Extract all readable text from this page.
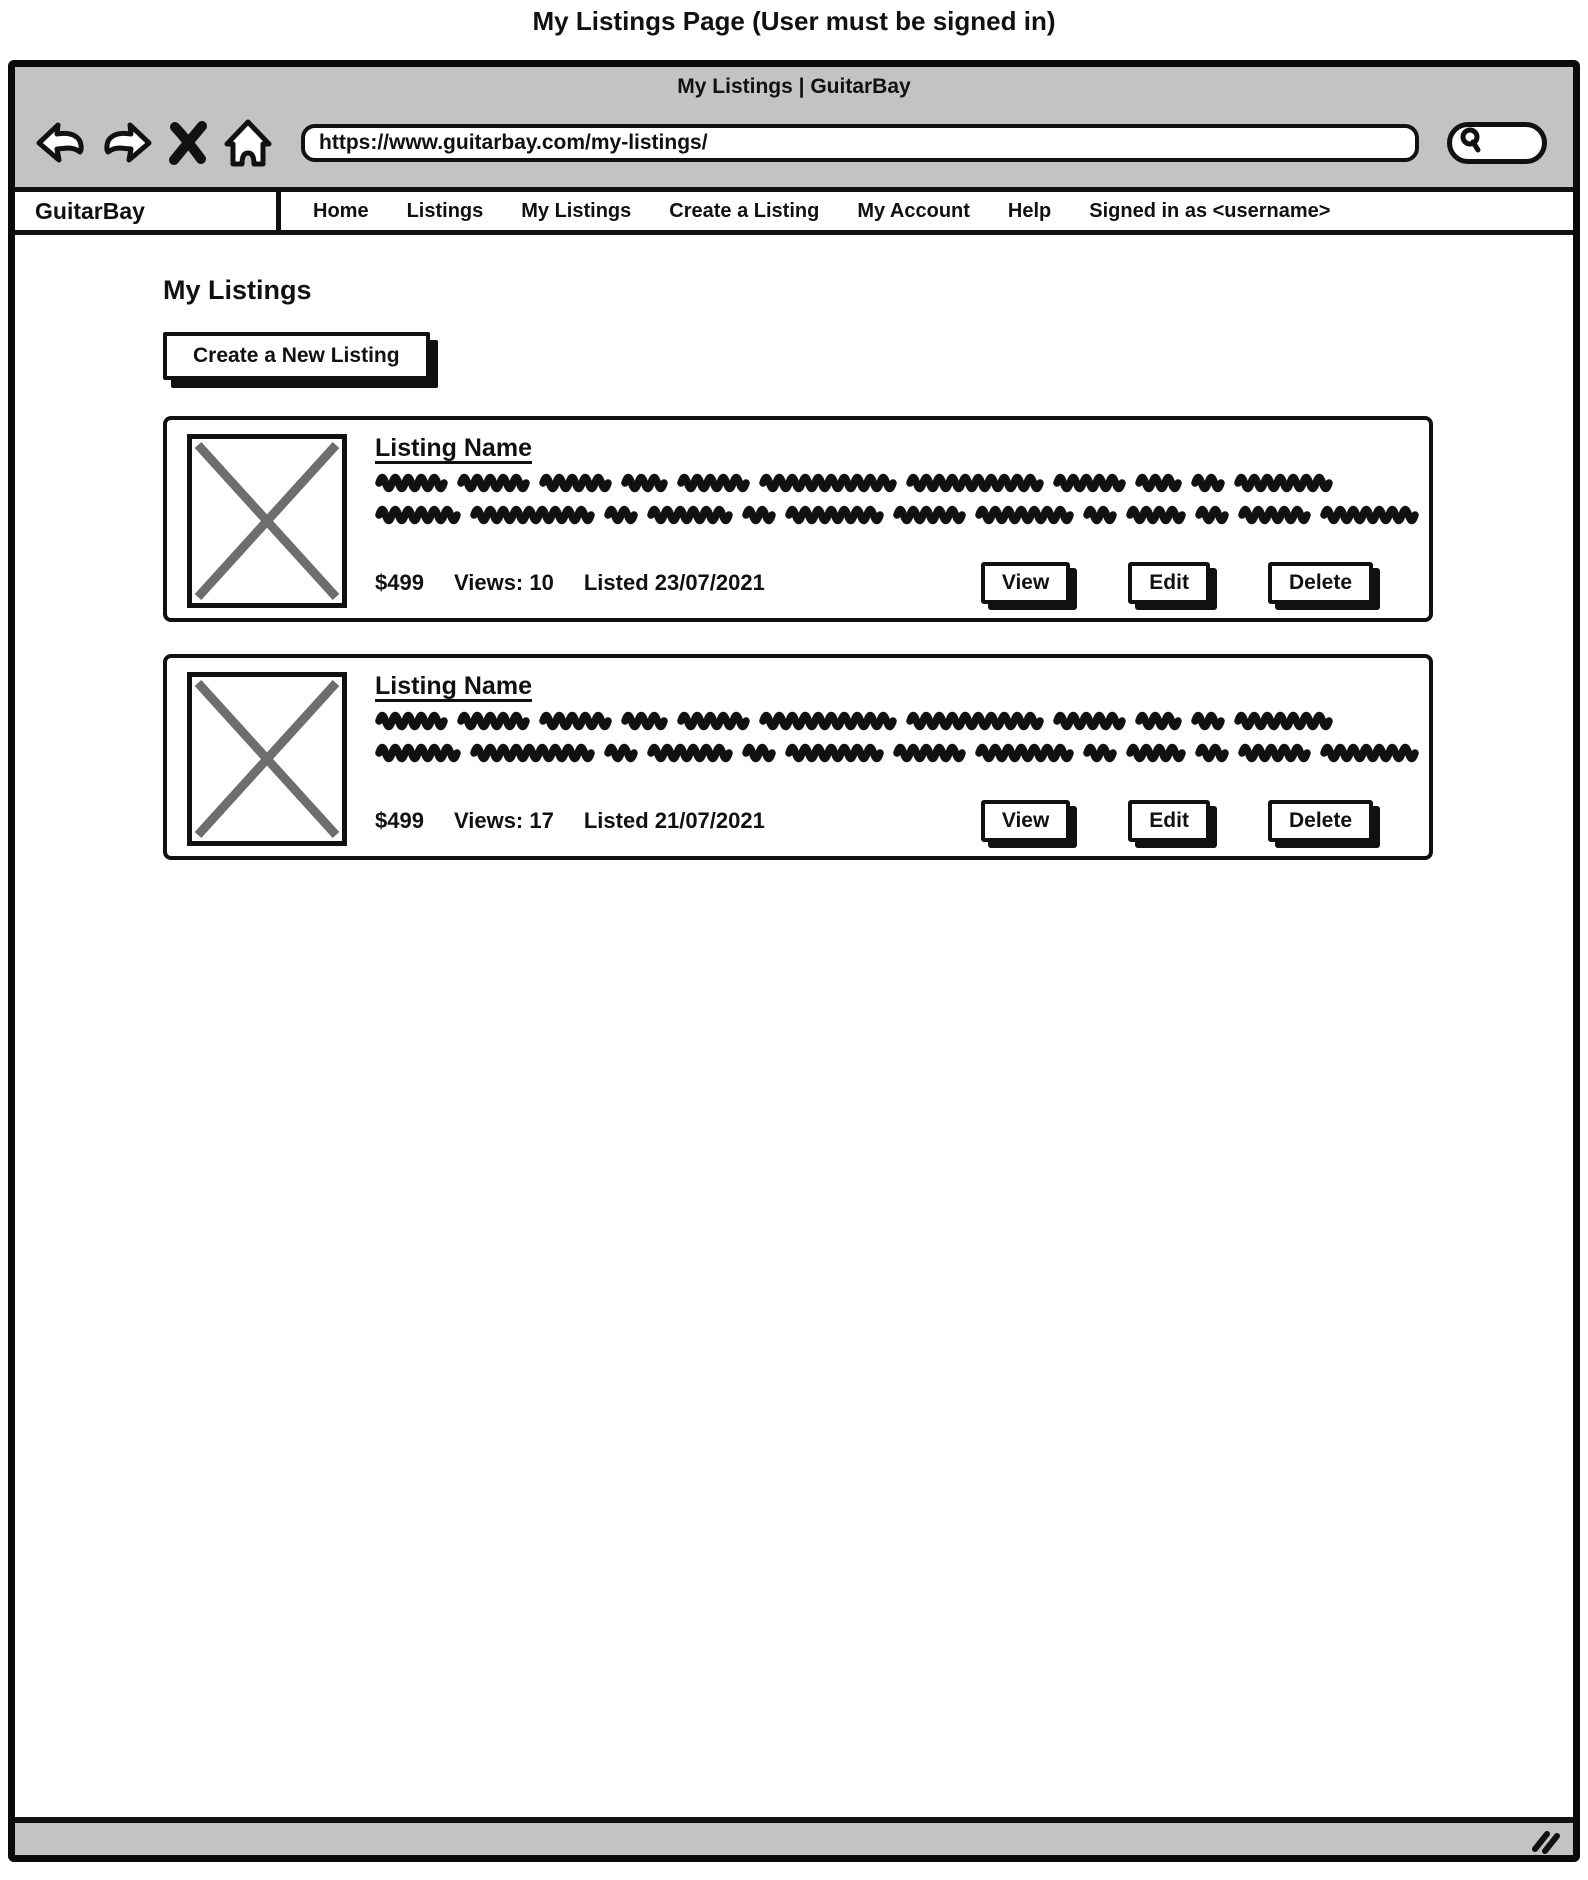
My Listings Page (User must be signed in)
My Listings | GuitarBay
https://www.guitarbay.com/my-listings/
GuitarBay	Home Listings My Listings Create a Listing My Account Help Signed in as <username>
My Listings
Create a New Listing
Listing Name
$499 Views: 10 Listed 23/07/2021	View	Edit	Delete
Listing Name
$499 Views: 17 Listed 21/07/2021	View	Edit	Delete
